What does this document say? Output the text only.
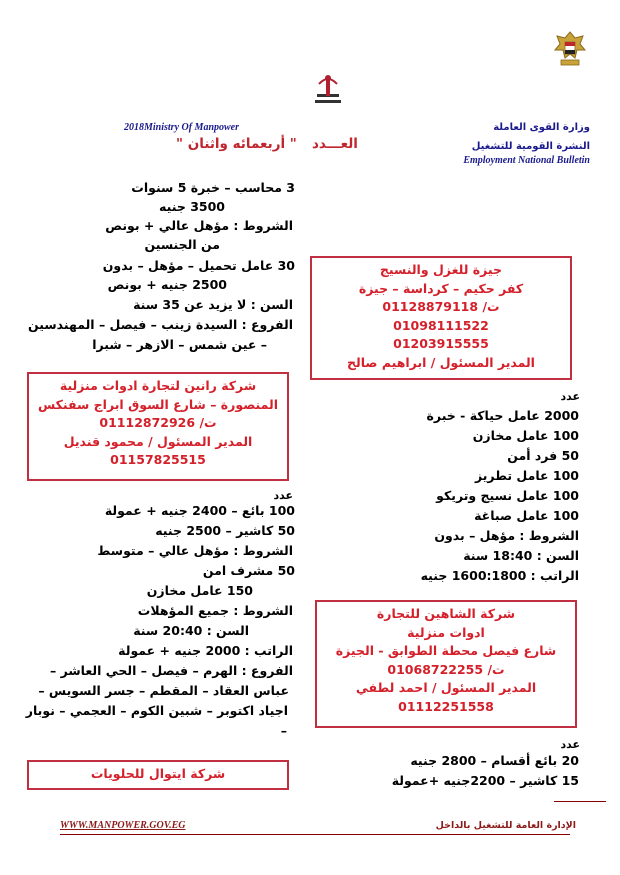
وزارة القوى العاملة
النشرة القومية للتشغيل
Employment National Bulletin
2018Ministry Of Manpower
العـــدد
" أربعمائه واثنان "
3 محاسب – خبرة 5 سنوات
3500 جنيه
الشروط : مؤهل عالي + بونص
من الجنسين
30 عامل تحميل – مؤهل – بدون
2500 جنيه + بونص
السن : لا يزيد عن 35 سنة
الفروع : السيدة زينب – فيصل – المهندسين
– عين شمس – الازهر – شبرا
شركة رانين لتجارة ادوات منزلية
المنصورة – شارع السوق ابراج سفنكس
ت/ 01112872926
المدير المسئول / محمود قنديل
01157825515
عدد
100 بائع – 2400 جنيه + عمولة
50 كاشير – 2500 جنيه
الشروط : مؤهل عالي – متوسط
50 مشرف امن
150 عامل مخازن
الشروط : جميع المؤهلات
السن : 20:40 سنة
الراتب : 2000 جنيه + عمولة
الفروع : الهرم – فيصل – الحي العاشر –
عباس العقاد – المقطم – جسر السويس –
اجياد اكتوبر – شبين الكوم – العجمي – نوبار
–
شركة ايتوال للحلويات
جيزة للغزل والنسيج
كفر حكيم – كرداسة – جيزة
ت/ 01128879118
01098111522
01203915555
المدير المسئول / ابراهيم صالح
عدد
2000 عامل حياكة - خبرة
100 عامل مخازن
50 فرد أمن
100 عامل تطريز
100 عامل نسيج وتريكو
100 عامل صباغة
الشروط : مؤهل – بدون
السن : 18:40 سنة
الراتب : 1600:1800 جنيه
شركة الشاهين للتجارة
ادوات منزلية
شارع فيصل محطة الطوابق - الجيزة
ت/ 01068722255
المدير المسئول / احمد لطفي
01112251558
عدد
20 بائع أقسام – 2800 جنيه
15 كاشير – 2200جنيه +عمولة
WWW.MANPOWER.GOV.EG	الإدارة العامة للتشغيل بالداخل
